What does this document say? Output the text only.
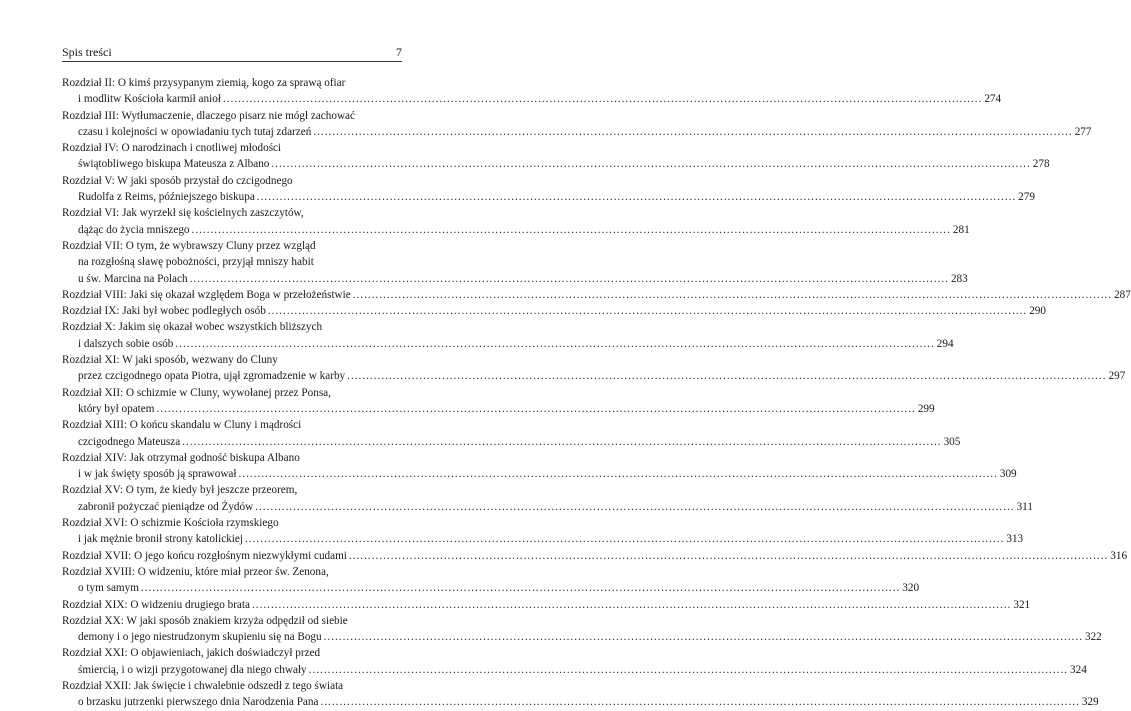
Spis treści	7
Rozdział II: O kimś przysypanym ziemią, kogo za sprawą ofiar
i modlitw Kościoła karmił anioł ........................................................................................................................................................................................................ 274
Rozdział III: Wytłumaczenie, dlaczego pisarz nie mógł zachować
czasu i kolejności w opowiadaniu tych tutaj zdarzeń ........................................................................................................................................................................................................ 277
Rozdział IV: O narodzinach i cnotliwej młodości
świątobliwego biskupa Mateusza z Albano ........................................................................................................................................................................................................ 278
Rozdział V: W jaki sposób przystał do czcigodnego
Rudolfa z Reims, późniejszego biskupa ........................................................................................................................................................................................................ 279
Rozdział VI: Jak wyrzekł się kościelnych zaszczytów,
dążąc do życia mniszego ........................................................................................................................................................................................................ 281
Rozdział VII: O tym, że wybrawszy Cluny przez wzgląd
na rozgłośną sławę pobożności, przyjął mniszy habit
u św. Marcina na Polach ........................................................................................................................................................................................................ 283
Rozdział VIII: Jaki się okazał względem Boga w przełożeństwie ........................................................................................................................................................................................................ 287
Rozdział IX: Jaki był wobec podległych osób ........................................................................................................................................................................................................ 290
Rozdział X: Jakim się okazał wobec wszystkich bliższych
i dalszych sobie osób ........................................................................................................................................................................................................ 294
Rozdział XI: W jaki sposób, wezwany do Cluny
przez czcigodnego opata Piotra, ujął zgromadzenie w karby ........................................................................................................................................................................................................ 297
Rozdział XII: O schizmie w Cluny, wywołanej przez Ponsa,
który był opatem ........................................................................................................................................................................................................ 299
Rozdział XIII: O końcu skandalu w Cluny i mądrości
czcigodnego Mateusza ........................................................................................................................................................................................................ 305
Rozdział XIV: Jak otrzymał godność biskupa Albano
i w jak święty sposób ją sprawował ........................................................................................................................................................................................................ 309
Rozdział XV: O tym, że kiedy był jeszcze przeorem,
zabronił pożyczać pieniądze od Żydów ........................................................................................................................................................................................................ 311
Rozdział XVI: O schizmie Kościoła rzymskiego
i jak mężnie bronił strony katolickiej ........................................................................................................................................................................................................ 313
Rozdział XVII: O jego końcu rozgłośnym niezwykłymi cudami ........................................................................................................................................................................................................ 316
Rozdział XVIII: O widzeniu, które miał przeor św. Zenona,
o tym samym ........................................................................................................................................................................................................ 320
Rozdział XIX: O widzeniu drugiego brata ........................................................................................................................................................................................................ 321
Rozdział XX: W jaki sposób znakiem krzyża odpędził od siebie
demony i o jego niestrudzonym skupieniu się na Bogu ........................................................................................................................................................................................................ 322
Rozdział XXI: O objawieniach, jakich doświadczył przed
śmiercią, i o wizji przygotowanej dla niego chwały ........................................................................................................................................................................................................ 324
Rozdział XXII: Jak święcie i chwalebnie odszedł z tego świata
o brzasku jutrzenki pierwszego dnia Narodzenia Pana ........................................................................................................................................................................................................ 329
